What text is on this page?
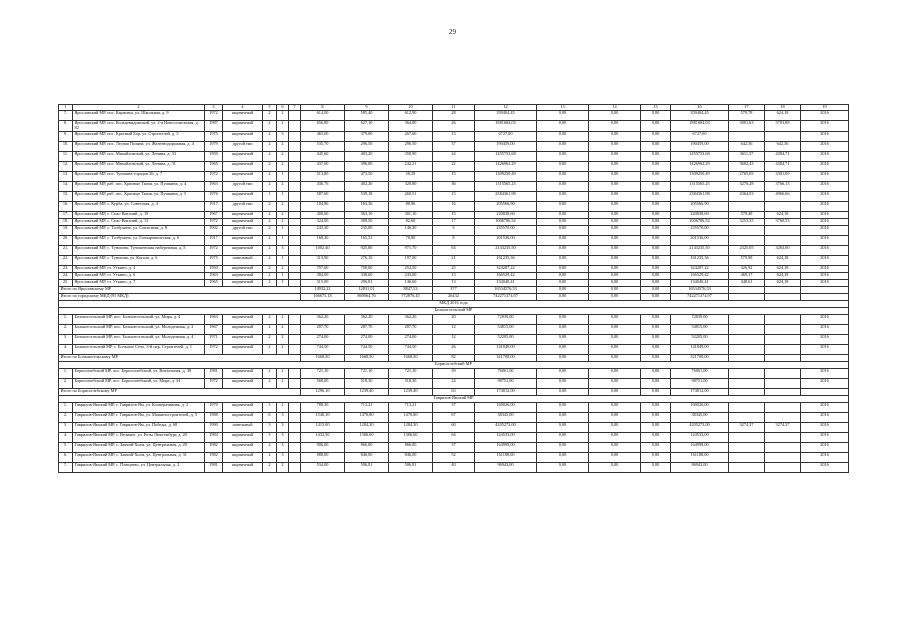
29
1	2	3	4	5	6	7	8	9	10	11	12	13	14	15	16	17	18	19
7.	Ярославский МР, пос. Карачиха, ул. Школьная, д. 9	1972	кирпичный	2	2		614,00	585,40	612,90	28	359404,45	0,00	0,00	0,00	359404,45	579,78	624,18	2016
8.	Ярославский МР, пос. Кольцевидимский, ул. 2-я Новоселковская, д. 82	1987	кирпичный	2	2		656,80	627,10	364,80	26	1881684,03	0,00	0,00	0,00	1881684,03	3001,63	3703,88	2016
9.	Ярославский МР, пос. Красный Бор, ул. Строителей, д. 5	1975	кирпичный	2	3		465,00	379,00	267,60	13	6727,00	0,00	0,00	0,00	6727,00			2016
10.	Ярославский МР, пос. Лесная Поляна, ул. Железнодорожная, д. 4	1979	другой тип	2	2		535,70	296,50	296,50	37	190459,00	0,00	0,00	0,00	190459,00	642,36	642,36	2016
11.	Ярославский МР, пос. Михайловский, ул. Ленина, д. 33	1959	кирпичный	2	2		445,60	403,20	358,90	24	1455753,68	0,00	0,00	0,00	1455753,68	3611,57	4384,71	2016
12.	Ярославский МР, пос. Михайловский, ул. Ленина, д. 31	1965	кирпичный	2	2		437,00	396,00	242,21	22	1426962,29	0,00	0,00	0,00	1426962,29	3602,43	4384,71	2016
13.	Ярославский МР, пос. Туношна-городок 26, д. 7	1972	кирпичный	2	1		513,80	473,50	58,29	15	1309250,49	0,00	0,00	0,00	1309250,49	2765,05	3381,09	2016
14.	Ярославский МР, раб. пос. Красные Ткачи, ул. Пушкина, д. 4	1963	другой тип	2	2		436,76	402,26	320,80	36	1315565,25	0,00	0,00	0,00	1315565,25	3270,28	3766,13	2016
15.	Ярославский МР, раб. пос. Красные Ткачи, ул. Пушкина, д. 5	1976	кирпичный	1	1		587,60	539,18	260,51	15	2384361,98	0,00	0,00	0,00	2384361,98	4364,03	4966,66	2016
16.	Ярославский МР, с. Курба, ул. Советская, д. 4	1917	другой тип	2	2		184,86	163,36	88,96	16	205566,90	0,00	0,00	0,00	205566,90			2016
17.	Ярославский МР, с. Спас-Виталий, д. 19	1967	кирпичный	2	2		400,60	363,10	301,10	15	220838,60	0,00	0,00	0,00	220838,60	579,48	624,18	2016
18.	Ярославский МР, с. Спас-Виталий, д. 13	1972	кирпичный	2	2		324,00	309,50	82,60	17	1006786,54	0,00	0,00	0,00	1006786,54	3253,35	3760,53	2016
19.	Ярославский МР, с. Толбухино, ул. Совхозная, д. 8	1902	другой тип	2	1		243,30	235,00	146,20	3	235570,00	0,00	0,00	0,00	235570,00			2016
20.	Ярославский МР, с. Толбухино, ул. Гончаровическая, д. 6	1917	кирпичный	2	1		168,20	165,51	78,80	8	201536,00	0,00	0,00	0,00	201536,00			2016
21.	Ярославский МР, с. Туношна, Туношенская набережная, д. 5	1972	кирпичный	2	3		1002,40	925,80	971,70	63	2143235,50	0,00	0,00	0,00	2143235,50	2325,05	3263,00	2016
22.	Ярославский МР, с. Туношна, ул. Когаля, д. 6	1975	панельный	2	1		313,90	276,10	197,00	21	161235,36	0,00	0,00	0,00	161235,36	579,98	624,18	2016
23.	Ярославский МР, ст. Уткино, д. 4	1950	кирпичный	2	2		797,00	758,60	252,50	25	324287,22	0,00	0,00	0,00	324287,22	426,92	624,18	2016
24.	Ярославский МР, ст. Уткино, д. 6	1963	кирпичный	2	1		384,00	338,60	243,00	13	166529,42	0,00	0,00	0,00	166529,42	469,17	624,18	2016
25.	Ярославский МР, ст. Уткино, д. 7	1965	кирпичный	2	1		315,00	296,81	146,60	13	134040,41	0,00	0,00	0,00	134040,41	448,61	624,18	2016
Итого по Ярославскому МР							14932,22	12831,01	8847,53	377	16534576,53	0,00	0,00	0,00	16534576,53			
Итого по городскому МКД (95 МКД)							166675,18	869064,76	772876,45	26432	742271374,97	0,00	0,00	0,00	742271374,97			
МКД 2016 года																		
Большесельский МР																		
1.	Большесельский МР, пос. Большесельский, ул. Мира, д. 4	1963	кирпичный	2	2		362,20	362,20	362,20	20	72839,00	0,00	0,00	0,00	72839,00			2016
2.	Большесельский МР, пос. Большесельский, ул. Молодежная, д. 2	1967	кирпичный	2	2		287,70	287,70	287,70	12	54815,00	0,00	0,00	0,00	54815,00			2016
3.	Большесельский МР, пос. Большесельский, ул. Молодежная, д. 4	1971	кирпичный	2	2		274,00	274,00	274,00	12	52205,00	0,00	0,00	0,00	52205,00			2016
4.	Большесельский МР, с. Большое Село, 3-й пер. Строителей, д. 1	1972	кирпичный	2	2		744,50	744,50	744,50	26	141849,00	0,00	0,00	0,00	141849,00			2016
Итого по Большесельскому МР							1668,50	1668,50	1668,50	82	321708,00	0,00	0,00	0,00	321708,00			
Борисоглебский МР																		
1.	Борисоглебский МР, пос. Борисоглебский, ул. Вокзальная, д. 38	1981	кирпичный	2	2		721,10	721,10	721,10	39	76061,00	0,00	0,00	0,00	76061,00			2016
2.	Борисоглебский МР, пос. Борисоглебский, ул. Мира, д. 34	1972	кирпичный	2	2		568,00	518,30	518,30	24	98751,00	0,00	0,00	0,00	98751,00			2016
Итого по Борисоглебскому МР							1296,10	1239,40	1239,40	63	174812,00	0,00	0,00	0,00	174812,00			
Гаврилов-Ямский МР																		
1.	Гаврилов-Ямский МР, г. Гаврилов-Ям, ул. Кооперативная, д. 2	1970	кирпичный	3	2		788,30	713,21	713,21	37	169026,00	0,00	0,00	0,00	169026,00			2016
2.	Гаврилов-Ямский МР, г. Гаврилов-Ям, ул. Машиностроителей, д. 5	1988	кирпичный	6	3		1540,10	1470,80	1470,80	67	38345,00	0,00	0,00	0,00	38345,00			2016
3.	Гаврилов-Ямский МР, г. Гаврилов-Ям, ул. Победы, д. 68	1990	панельный	3	3		1415,00	1284,30	1284,30	60	4205273,00	0,00	0,00	0,00	4205273,00	3274,37	3274,37	2016
4.	Гаврилов-Ямский МР, с. Великое, ул. Розы Люксембург, д. 20	1984	кирпичный	3	3		1432,50	1306,60	1306,60	64	124533,00	0,00	0,00	0,00	124533,00			2016
5.	Гаврилов-Ямский МР, с. Заячий-Холм, ул. Центральная, д. 29	1982	кирпичный	2	3		906,00	866,00	866,00	37	164998,00	0,00	0,00	0,00	164998,00			2016
6.	Гаврилов-Ямский МР, с. Заячий-Холм, ул. Центральная, д. 31	1982	кирпичный	2	3		888,00	846,00	846,00	52	161188,00	0,00	0,00	0,00	161188,00			2016
7.	Гаврилов-Ямский МР, с. Плещеево, ул. Центральная, д. 2	1981	кирпичный	2	2		534,00	506,81	506,81	40	96943,00	0,00	0,00	0,00	96943,00			2016
